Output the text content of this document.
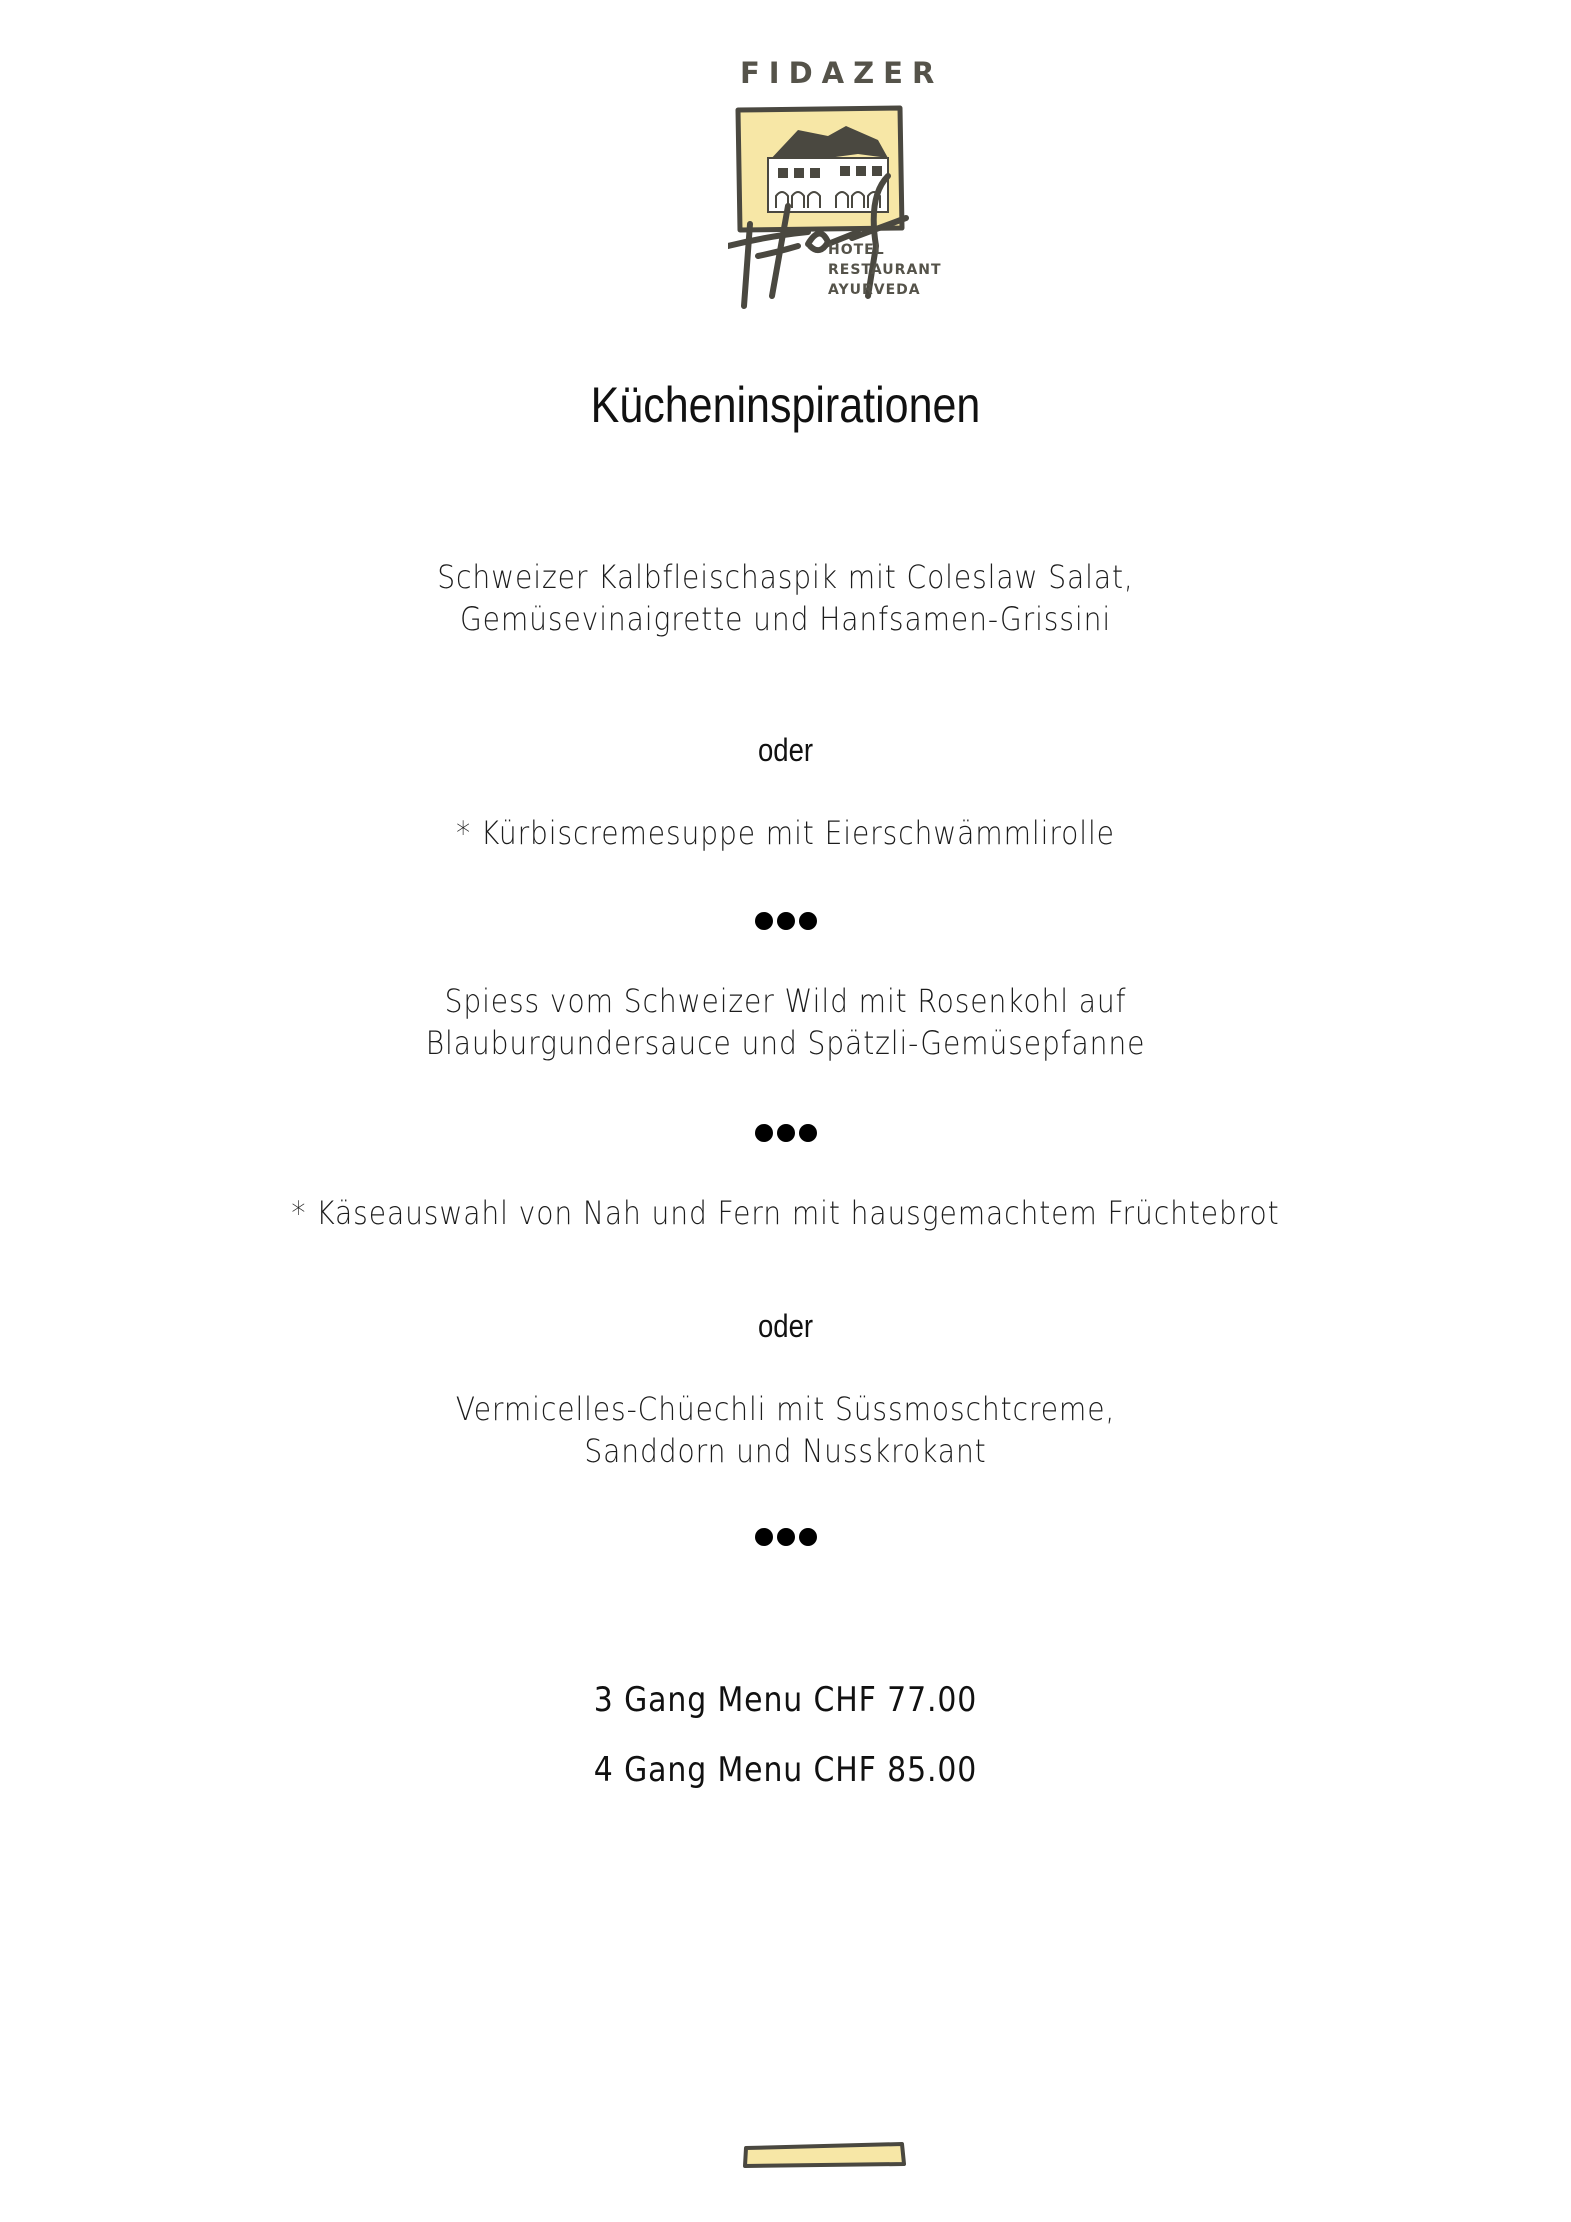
FIDAZER
HOTEL
RESTAURANT
AYURVEDA
Kücheninspirationen
Schweizer Kalbfleischaspik mit Coleslaw Salat,
Gemüsevinaigrette und Hanfsamen-Grissini
oder
* Kürbiscremesuppe mit Eierschwämmlirolle
Spiess vom Schweizer Wild mit Rosenkohl auf
Blauburgundersauce und Spätzli-Gemüsepfanne
* Käseauswahl von Nah und Fern mit hausgemachtem Früchtebrot
oder
Vermicelles-Chüechli mit Süssmoschtcreme,
Sanddorn und Nusskrokant
3 Gang Menu CHF 77.00
4 Gang Menu CHF 85.00
